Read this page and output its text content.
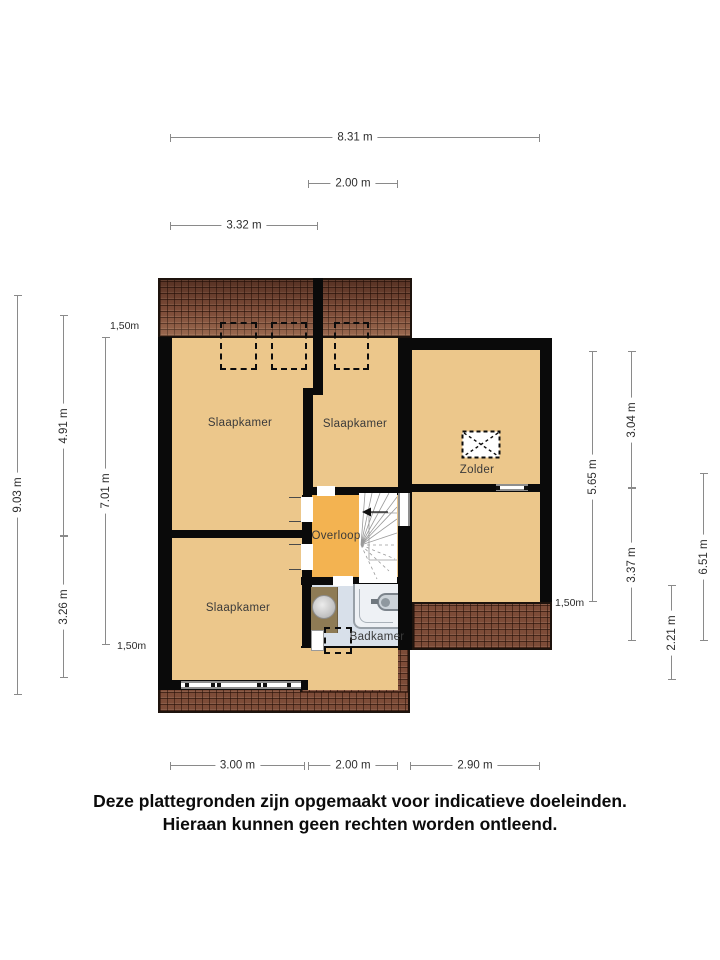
8.31 m
2.00 m
3.32 m
3.00 m	2.00 m	2.90 m
9.03 m
4.91 m
3.26 m
7.01 m
1,50m
1,50m
5.65 m
3.04 m
3.37 m	6.51 m
2.21 m
1,50m
Slaapkamer	Slaapkamer
Slaapkamer
Zolder
Overloop
Badkamer
Deze plattegronden zijn opgemaakt voor indicatieve doeleinden.
Hieraan kunnen geen rechten worden ontleend.
